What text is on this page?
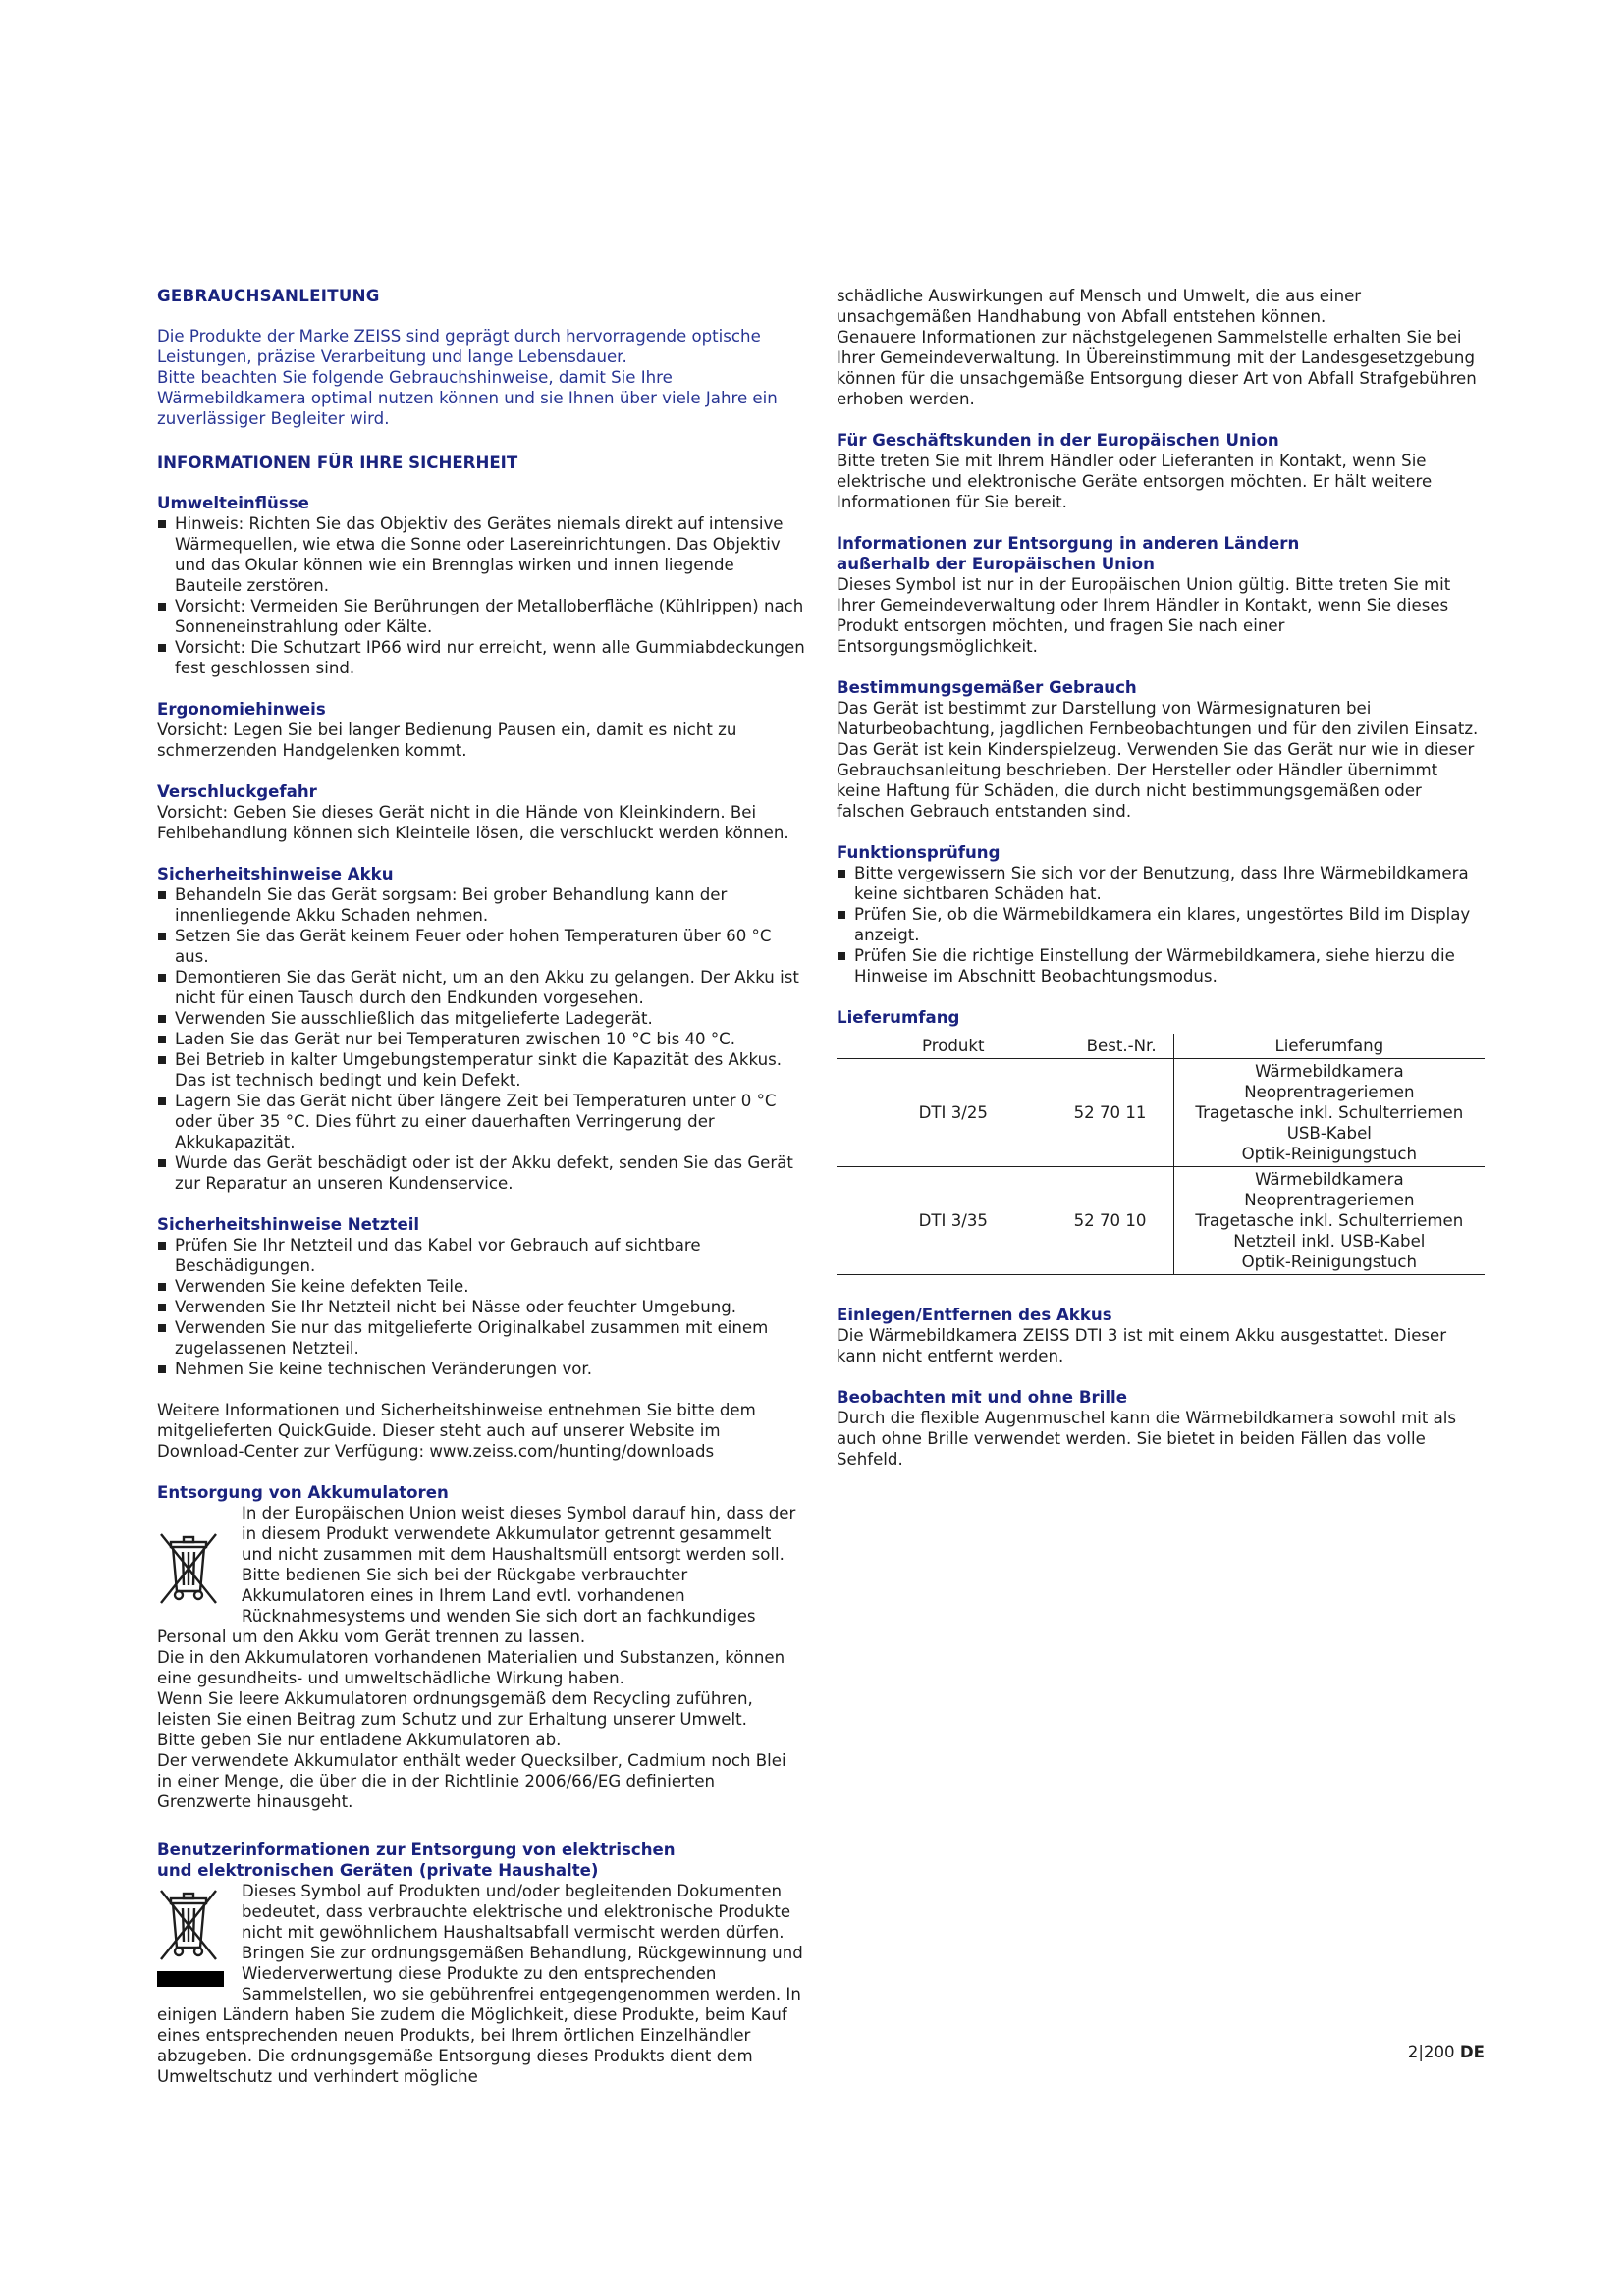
GEBRAUCHSANLEITUNG

Die Produkte der Marke ZEISS sind geprägt durch hervorragende optische Leistungen, präzise Verarbeitung und lange Lebensdauer.

Bitte beachten Sie folgende Gebrauchshinweise, damit Sie Ihre Wärmebildkamera optimal nutzen können und sie Ihnen über viele Jahre ein zuverlässiger Begleiter wird.

INFORMATIONEN FÜR IHRE SICHERHEIT
Umwelteinflüsse
Hinweis: Richten Sie das Objektiv des Gerätes niemals direkt auf intensive Wärmequellen, wie etwa die Sonne oder Lasereinrichtungen. Das Objektiv und das Okular können wie ein Brennglas wirken und innen liegende Bauteile zerstören.
Vorsicht: Vermeiden Sie Berührungen der Metalloberfläche (Kühlrippen) nach Sonneneinstrahlung oder Kälte.
Vorsicht: Die Schutzart IP66 wird nur erreicht, wenn alle Gummiabdeckungen fest geschlossen sind.
Ergonomiehinweis

Vorsicht: Legen Sie bei langer Bedienung Pausen ein, damit es nicht zu schmerzenden Handgelenken kommt.

Verschluckgefahr

Vorsicht: Geben Sie dieses Gerät nicht in die Hände von Kleinkindern. Bei Fehlbehandlung können sich Kleinteile lösen, die verschluckt werden können.

Sicherheitshinweise Akku
Behandeln Sie das Gerät sorgsam: Bei grober Behandlung kann der innenliegende Akku Schaden nehmen.
Setzen Sie das Gerät keinem Feuer oder hohen Temperaturen über 60 °C aus.
Demontieren Sie das Gerät nicht, um an den Akku zu gelangen. Der Akku ist nicht für einen Tausch durch den Endkunden vorgesehen.
Verwenden Sie ausschließlich das mitgelieferte Ladegerät.
Laden Sie das Gerät nur bei Temperaturen zwischen 10 °C bis 40 °C.
Bei Betrieb in kalter Umgebungstemperatur sinkt die Kapazität des Akkus. Das ist technisch bedingt und kein Defekt.
Lagern Sie das Gerät nicht über längere Zeit bei Temperaturen unter 0 °C oder über 35 °C. Dies führt zu einer dauerhaften Verringerung der Akkukapazität.
Wurde das Gerät beschädigt oder ist der Akku defekt, senden Sie das Gerät zur Reparatur an unseren Kundenservice.
Sicherheitshinweise Netzteil
Prüfen Sie Ihr Netzteil und das Kabel vor Gebrauch auf sichtbare Beschädigungen.
Verwenden Sie keine defekten Teile.
Verwenden Sie Ihr Netzteil nicht bei Nässe oder feuchter Umgebung.
Verwenden Sie nur das mitgelieferte Originalkabel zusammen mit einem zugelassenen Netzteil.
Nehmen Sie keine technischen Veränderungen vor.

Weitere Informationen und Sicherheitshinweise entnehmen Sie bitte dem mitgelieferten QuickGuide. Dieser steht auch auf unserer Website im Download-Center zur Verfügung: www.zeiss.com/hunting/downloads

Entsorgung von Akkumulatoren
In der Europäischen Union weist dieses Symbol darauf hin, dass der in diesem Produkt verwendete Akkumulator getrennt gesammelt und nicht zusammen mit dem Haushaltsmüll entsorgt werden soll. Bitte bedienen Sie sich bei der Rückgabe verbrauchter Akkumulatoren eines in Ihrem Land evtl. vorhandenen Rücknahmesystems und wenden Sie sich dort an fachkundiges Personal um den Akku vom Gerät trennen zu lassen.
Die in den Akkumulatoren vorhandenen Materialien und Substanzen, können eine gesundheits- und umweltschädliche Wirkung haben.

Wenn Sie leere Akkumulatoren ordnungsgemäß dem Recycling zuführen, leisten Sie einen Beitrag zum Schutz und zur Erhaltung unserer Umwelt.

Bitte geben Sie nur entladene Akkumulatoren ab.

Der verwendete Akkumulator enthält weder Quecksilber, Cadmium noch Blei in einer Menge, die über die in der Richtlinie 2006/66/EG definierten Grenzwerte hinausgeht.

Benutzerinformationen zur Entsorgung von elektrischen
und elektronischen Geräten (private Haushalte)
Dieses Symbol auf Produkten und/oder begleitenden Dokumenten bedeutet, dass verbrauchte elektrische und elektronische Produkte nicht mit gewöhnlichem Haushaltsabfall vermischt werden dürfen. Bringen Sie zur ordnungsgemäßen Behandlung, Rückgewinnung und Wiederverwertung diese Produkte zu den entsprechenden Sammelstellen, wo sie gebührenfrei entgegengenommen werden. In einigen Ländern haben Sie zudem die Möglichkeit, diese Produkte, beim Kauf eines entsprechenden neuen Produkts, bei Ihrem örtlichen Einzelhändler abzugeben. Die ordnungsgemäße Entsorgung dieses Produkts dient dem Umweltschutz und verhindert mögliche

schädliche Auswirkungen auf Mensch und Umwelt, die aus einer unsachgemäßen Handhabung von Abfall entstehen können.

Genauere Informationen zur nächstgelegenen Sammelstelle erhalten Sie bei Ihrer Gemeindeverwaltung. In Übereinstimmung mit der Landesgesetzgebung können für die unsachgemäße Entsorgung dieser Art von Abfall Strafgebühren erhoben werden.

Für Geschäftskunden in der Europäischen Union

Bitte treten Sie mit Ihrem Händler oder Lieferanten in Kontakt, wenn Sie elektrische und elektronische Geräte entsorgen möchten. Er hält weitere Informationen für Sie bereit.

Informationen zur Entsorgung in anderen Ländern
außerhalb der Europäischen Union

Dieses Symbol ist nur in der Europäischen Union gültig. Bitte treten Sie mit Ihrer Gemeindeverwaltung oder Ihrem Händler in Kontakt, wenn Sie dieses Produkt entsorgen möchten, und fragen Sie nach einer Entsorgungsmöglichkeit.

Bestimmungsgemäßer Gebrauch

Das Gerät ist bestimmt zur Darstellung von Wärmesignaturen bei Naturbeobachtung, jagdlichen Fernbeobachtungen und für den zivilen Einsatz. Das Gerät ist kein Kinderspielzeug. Verwenden Sie das Gerät nur wie in dieser Gebrauchsanleitung beschrieben. Der Hersteller oder Händler übernimmt keine Haftung für Schäden, die durch nicht bestimmungsgemäßen oder falschen Gebrauch entstanden sind.

Funktionsprüfung
Bitte vergewissern Sie sich vor der Benutzung, dass Ihre Wärmebildkamera keine sichtbaren Schäden hat.
Prüfen Sie, ob die Wärmebildkamera ein klares, ungestörtes Bild im Display anzeigt.
Prüfen Sie die richtige Einstellung der Wärmebildkamera, siehe hierzu die Hinweise im Abschnitt Beobachtungsmodus.
Lieferumfang
Produkt	Best.-Nr.	Lieferumfang
DTI 3/25	52 70 11	Wärmebildkamera
Neoprentrageriemen
Tragetasche inkl. Schulterriemen
USB-Kabel
Optik-Reinigungstuch

DTI 3/35	52 70 10	Wärmebildkamera
Neoprentrageriemen
Tragetasche inkl. Schulterriemen
Netzteil inkl. USB-Kabel
Optik-Reinigungstuch
Einlegen/Entfernen des Akkus

Die Wärmebildkamera ZEISS DTI 3 ist mit einem Akku ausgestattet. Dieser kann nicht entfernt werden.

Beobachten mit und ohne Brille

Durch die flexible Augenmuschel kann die Wärmebildkamera sowohl mit als auch ohne Brille verwendet werden. Sie bietet in beiden Fällen das volle Sehfeld.

2|200 DE
